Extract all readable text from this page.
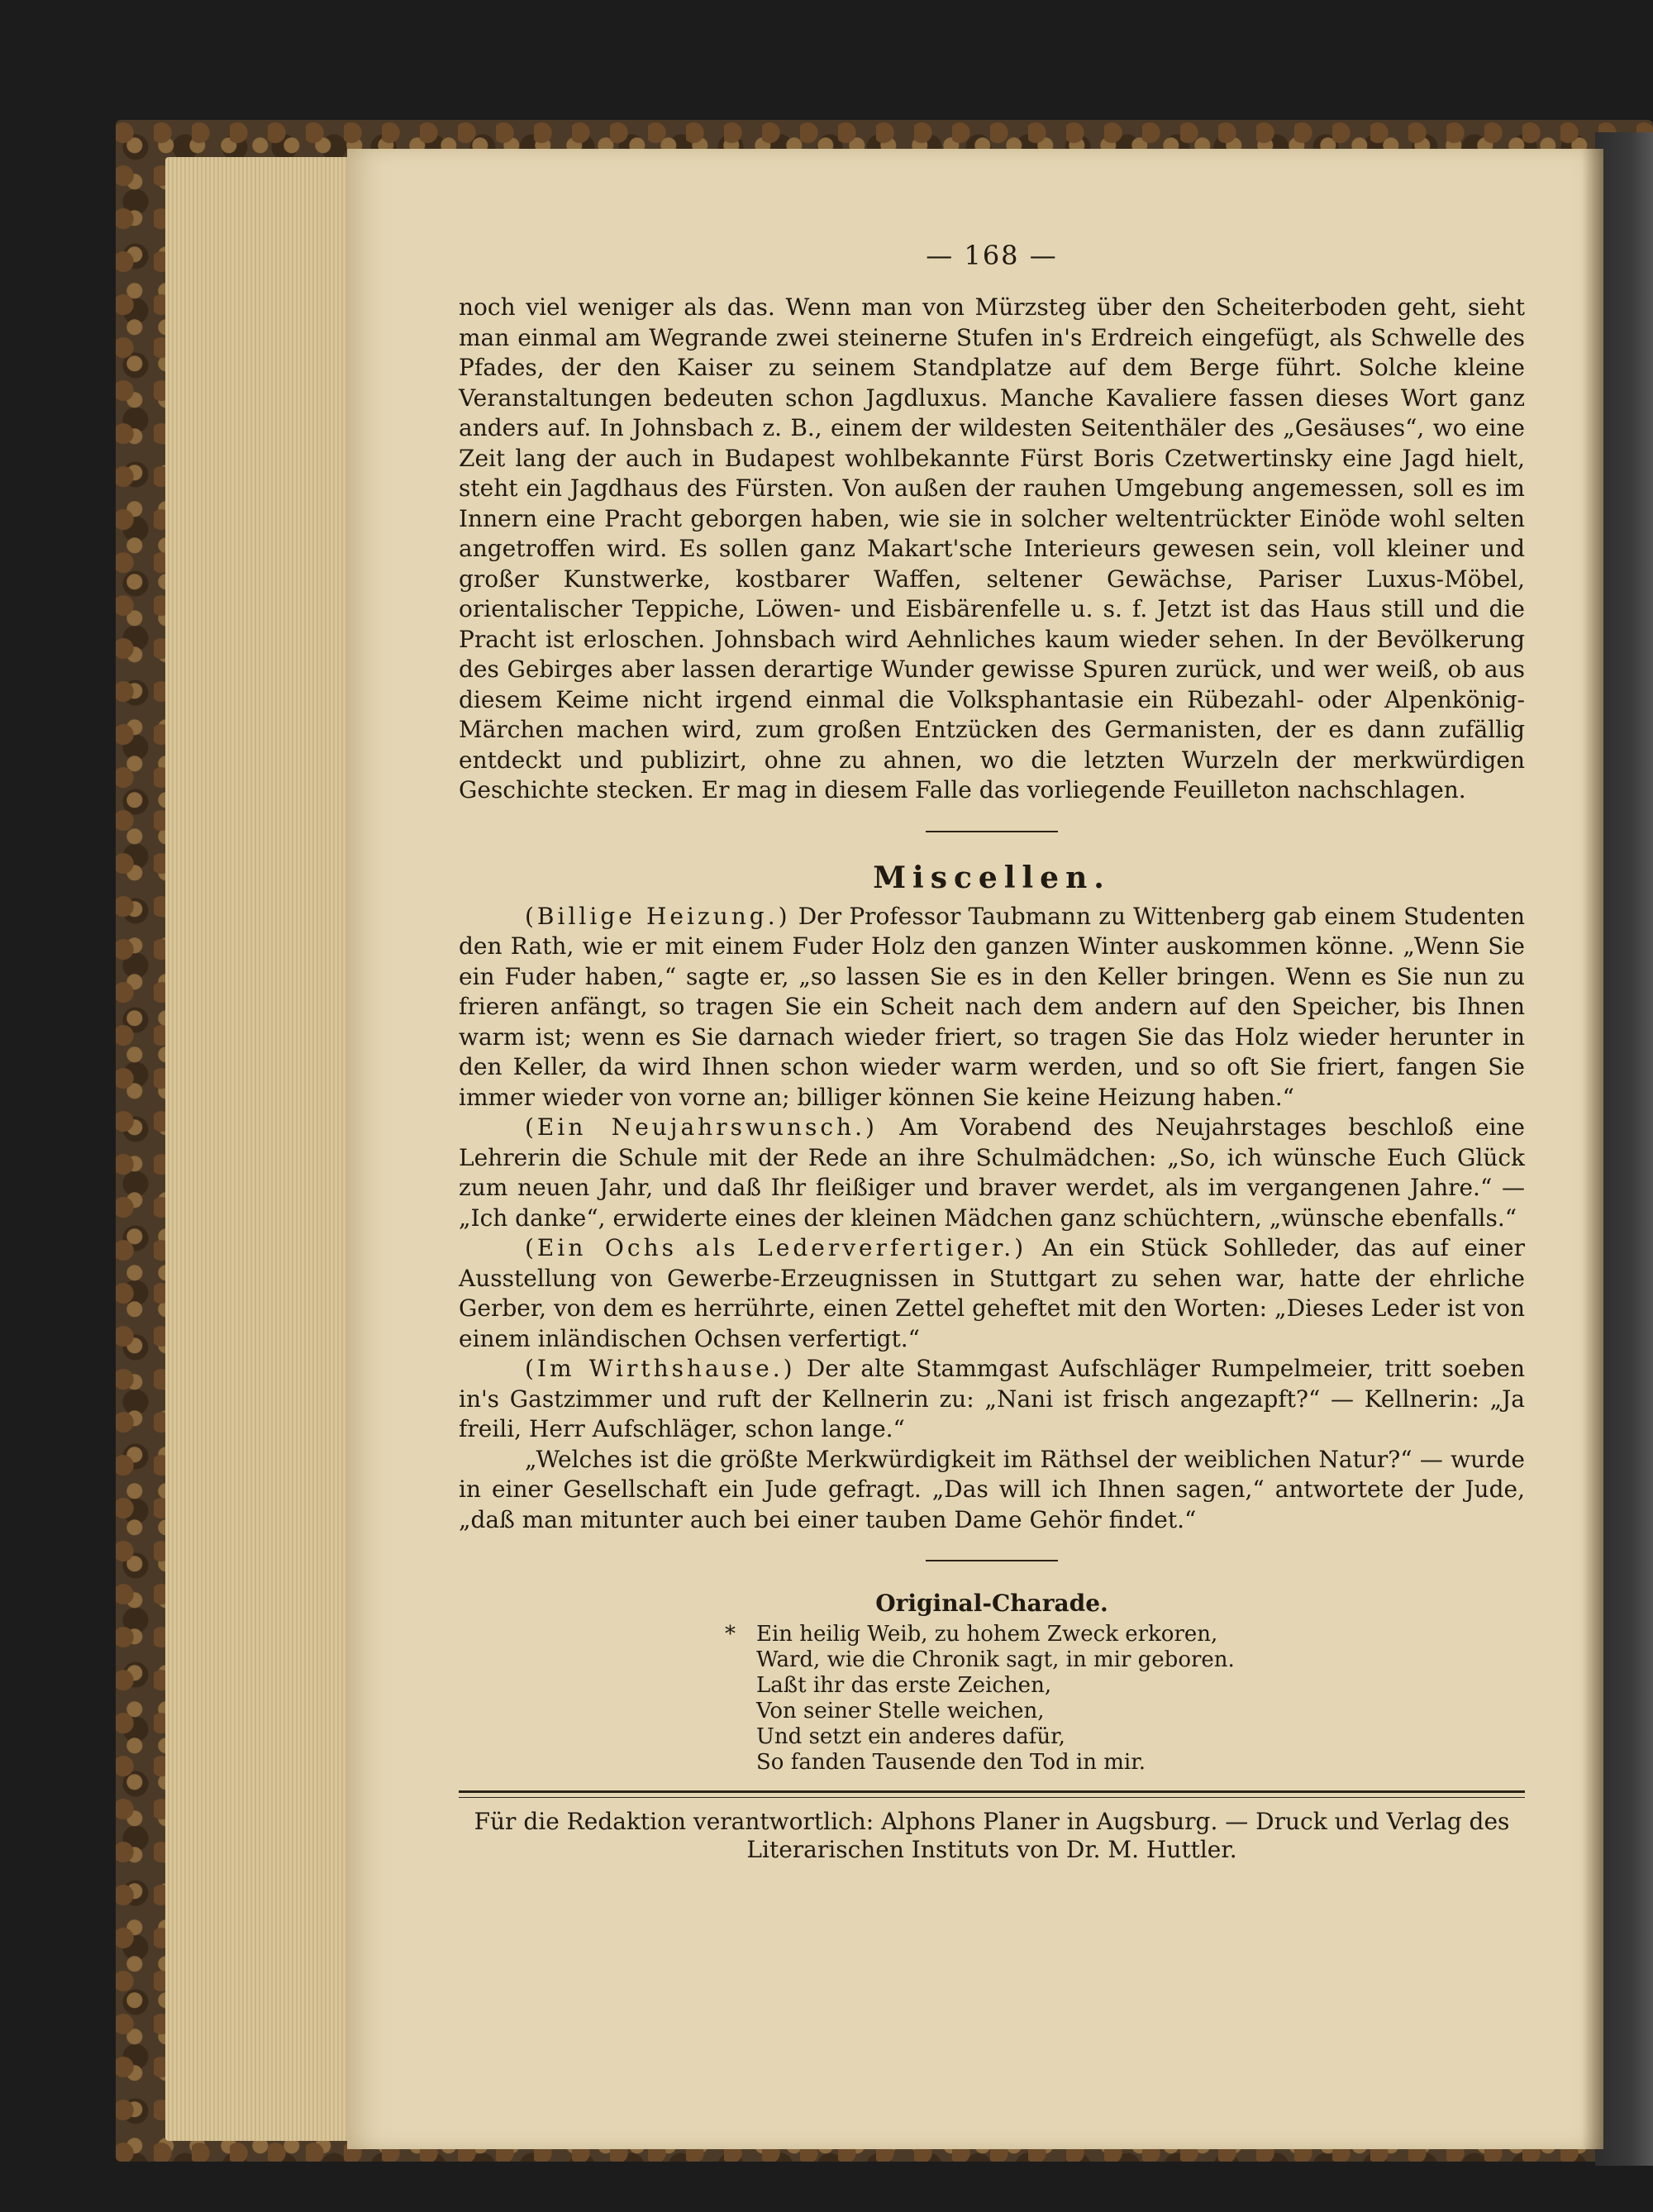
— 168 —

noch viel weniger als das. Wenn man von Mürzsteg über den Scheiterboden geht, sieht man einmal am Wegrande zwei steinerne Stufen in's Erdreich eingefügt, als Schwelle des Pfades, der den Kaiser zu seinem Standplatze auf dem Berge führt. Solche kleine Veranstaltungen bedeuten schon Jagdluxus. Manche Kavaliere fassen dieses Wort ganz anders auf. In Johnsbach z. B., einem der wildesten Seitenthäler des „Gesäuses“, wo eine Zeit lang der auch in Budapest wohlbekannte Fürst Boris Czetwertinsky eine Jagd hielt, steht ein Jagdhaus des Fürsten. Von außen der rauhen Umgebung angemessen, soll es im Innern eine Pracht geborgen haben, wie sie in solcher weltentrückter Einöde wohl selten angetroffen wird. Es sollen ganz Makart'sche Interieurs gewesen sein, voll kleiner und großer Kunstwerke, kostbarer Waffen, seltener Gewächse, Pariser Luxus-Möbel, orientalischer Teppiche, Löwen- und Eisbärenfelle u. s. f. Jetzt ist das Haus still und die Pracht ist erloschen. Johnsbach wird Aehnliches kaum wieder sehen. In der Bevölkerung des Gebirges aber lassen derartige Wunder gewisse Spuren zurück, und wer weiß, ob aus diesem Keime nicht irgend einmal die Volksphantasie ein Rübezahl- oder Alpenkönig-Märchen machen wird, zum großen Entzücken des Germanisten, der es dann zufällig entdeckt und publizirt, ohne zu ahnen, wo die letzten Wurzeln der merkwürdigen Geschichte stecken. Er mag in diesem Falle das vorliegende Feuilleton nachschlagen.

Miscellen.

(Billige Heizung.) Der Professor Taubmann zu Wittenberg gab einem Studenten den Rath, wie er mit einem Fuder Holz den ganzen Winter auskommen könne. „Wenn Sie ein Fuder haben,“ sagte er, „so lassen Sie es in den Keller bringen. Wenn es Sie nun zu frieren anfängt, so tragen Sie ein Scheit nach dem andern auf den Speicher, bis Ihnen warm ist; wenn es Sie darnach wieder friert, so tragen Sie das Holz wieder herunter in den Keller, da wird Ihnen schon wieder warm werden, und so oft Sie friert, fangen Sie immer wieder von vorne an; billiger können Sie keine Heizung haben.“

(Ein Neujahrswunsch.) Am Vorabend des Neujahrstages beschloß eine Lehrerin die Schule mit der Rede an ihre Schulmädchen: „So, ich wünsche Euch Glück zum neuen Jahr, und daß Ihr fleißiger und braver werdet, als im vergangenen Jahre.“ — „Ich danke“, erwiderte eines der kleinen Mädchen ganz schüchtern, „wünsche ebenfalls.“

(Ein Ochs als Lederverfertiger.) An ein Stück Sohlleder, das auf einer Ausstellung von Gewerbe-Erzeugnissen in Stuttgart zu sehen war, hatte der ehrliche Gerber, von dem es herrührte, einen Zettel geheftet mit den Worten: „Dieses Leder ist von einem inländischen Ochsen verfertigt.“

(Im Wirthshause.) Der alte Stammgast Aufschläger Rumpelmeier, tritt soeben in's Gastzimmer und ruft der Kellnerin zu: „Nani ist frisch angezapft?“ — Kellnerin: „Ja freili, Herr Aufschläger, schon lange.“

„Welches ist die größte Merkwürdigkeit im Räthsel der weiblichen Natur?“ — wurde in einer Gesellschaft ein Jude gefragt. „Das will ich Ihnen sagen,“ antwortete der Jude, „daß man mitunter auch bei einer tauben Dame Gehör findet.“

Original-Charade.
* Ein heilig Weib, zu hohem Zweck erkoren,
Ward, wie die Chronik sagt, in mir geboren.
Laßt ihr das erste Zeichen,
Von seiner Stelle weichen,
Und setzt ein anderes dafür,
So fanden Tausende den Tod in mir.
Für die Redaktion verantwortlich: Alphons Planer in Augsburg. — Druck und Verlag des
Literarischen Instituts von Dr. M. Huttler.
